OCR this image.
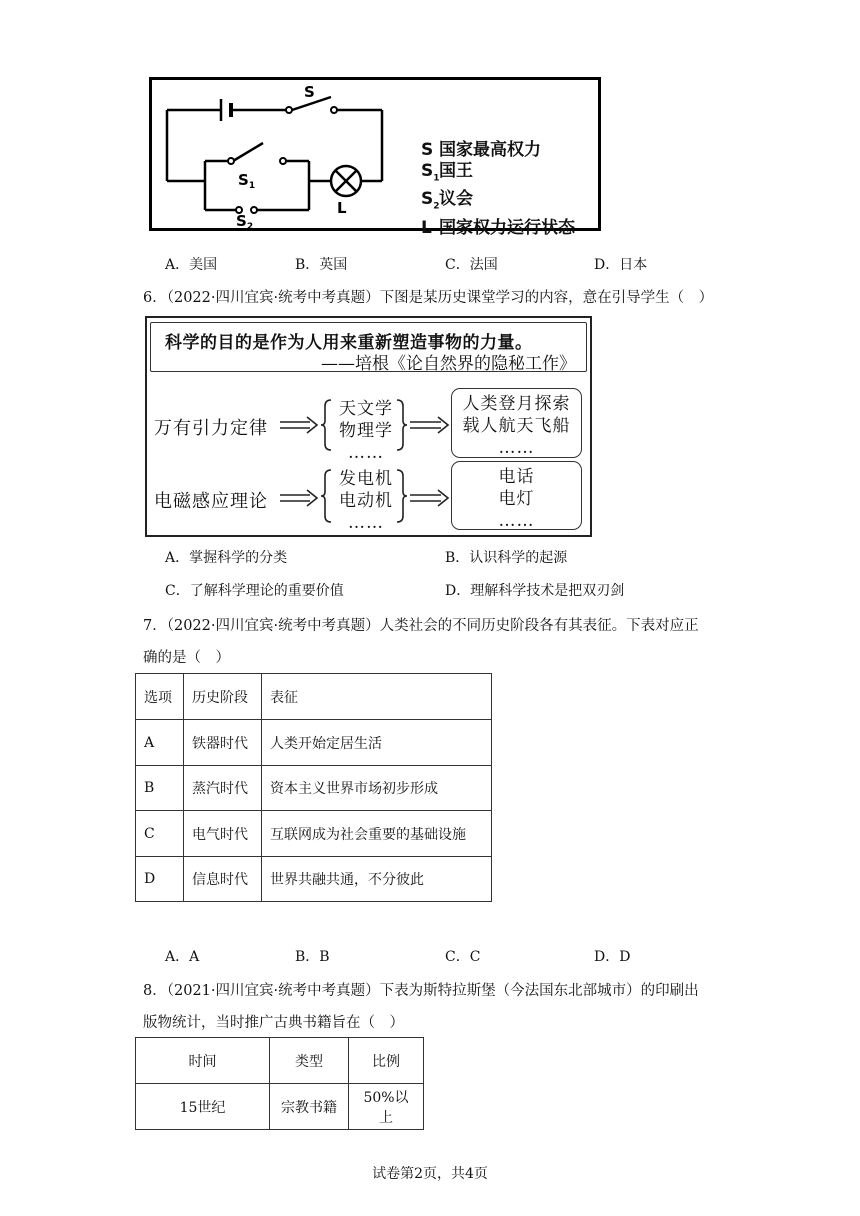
S
$S_1$
$S_2$
L
S 国家最高权力
$S_1$国王
$S_2$议会
L 国家权力运行状态
A．美国	B．英国	C．法国	D．日本
6．（2022·四川宜宾·统考中考真题）下图是某历史课堂学习的内容，意在引导学生（　）
科学的目的是作为人用来重新塑造事物的力量。
——培根《论自然界的隐秘工作》
万有引力定律
电磁感应理论
天文学
物理学
……
人类登月探索
载人航天飞船
……
发电机
电动机
……
电话
电灯
……
A．掌握科学的分类	B．认识科学的起源
C．了解科学理论的重要价值	D．理解科学技术是把双刃剑
7．（2022·四川宜宾·统考中考真题）人类社会的不同历史阶段各有其表征。下表对应正
确的是（　）
选项	历史阶段	表征
A	铁器时代	人类开始定居生活
B	蒸汽时代	资本主义世界市场初步形成
C	电气时代	互联网成为社会重要的基础设施
D	信息时代	世界共融共通，不分彼此
A．A	B．B	C．C	D．D
8．（2021·四川宜宾·统考中考真题）下表为斯特拉斯堡（今法国东北部城市）的印刷出
版物统计，当时推广古典书籍旨在（　）
时间	类型	比例
15世纪	宗教书籍	50%以上
试卷第2页，共4页
